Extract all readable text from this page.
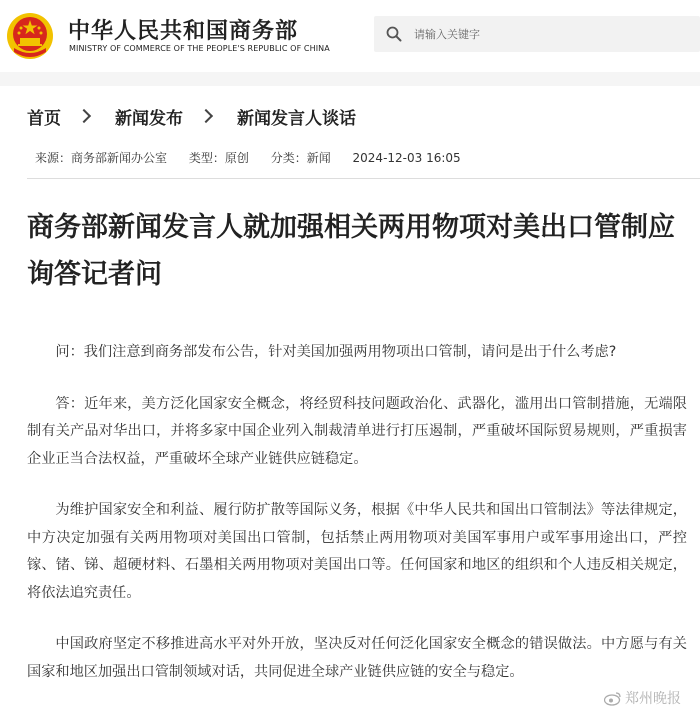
中华人民共和国商务部
MINISTRY OF COMMERCE OF THE PEOPLE'S REPUBLIC OF CHINA
请输入关键字
首页	新闻发布	新闻发言人谈话
来源：商务部新闻办公室 类型：原创 分类：新闻 2024-12-03 16:05
商务部新闻发言人就加强相关两用物项对美出口管制应询答记者问

问：我们注意到商务部发布公告，针对美国加强两用物项出口管制，请问是出于什么考虑?

答：近年来，美方泛化国家安全概念，将经贸科技问题政治化、武器化，滥用出口管制措施，无端限制有关产品对华出口，并将多家中国企业列入制裁清单进行打压遏制，严重破坏国际贸易规则，严重损害企业正当合法权益，严重破坏全球产业链供应链稳定。

为维护国家安全和利益、履行防扩散等国际义务，根据《中华人民共和国出口管制法》等法律规定，中方决定加强有关两用物项对美国出口管制，包括禁止两用物项对美国军事用户或军事用途出口，严控镓、锗、锑、超硬材料、石墨相关两用物项对美国出口等。任何国家和地区的组织和个人违反相关规定，将依法追究责任。

中国政府坚定不移推进高水平对外开放，坚决反对任何泛化国家安全概念的错误做法。中方愿与有关国家和地区加强出口管制领域对话，共同促进全球产业链供应链的安全与稳定。

郑州晚报
